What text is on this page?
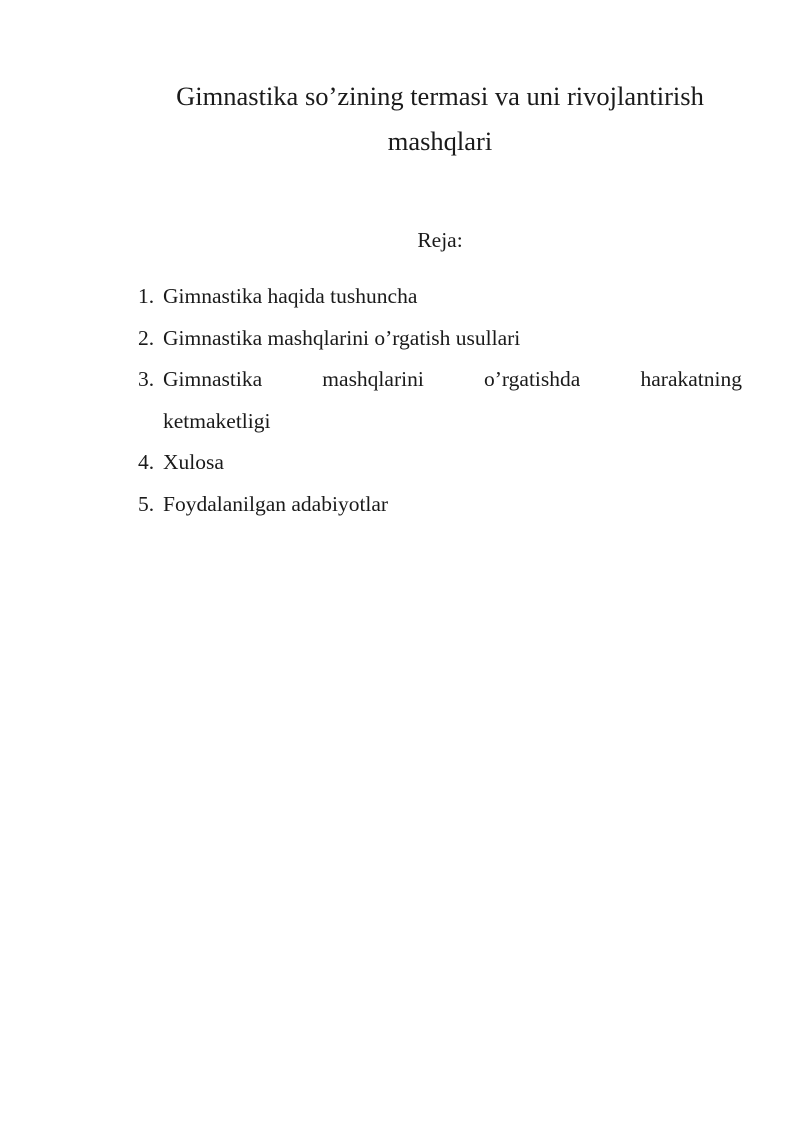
Gimnastika so’zining termasi va uni rivojlantirish
mashqlari
Reja:
1. Gimnastika haqida tushuncha
2. Gimnastika mashqlarini o’rgatish usullari
3. Gimnastika	mashqlarini	o’rgatishda	harakatning
ketmaketligi
4. Xulosa
5. Foydalanilgan adabiyotlar
